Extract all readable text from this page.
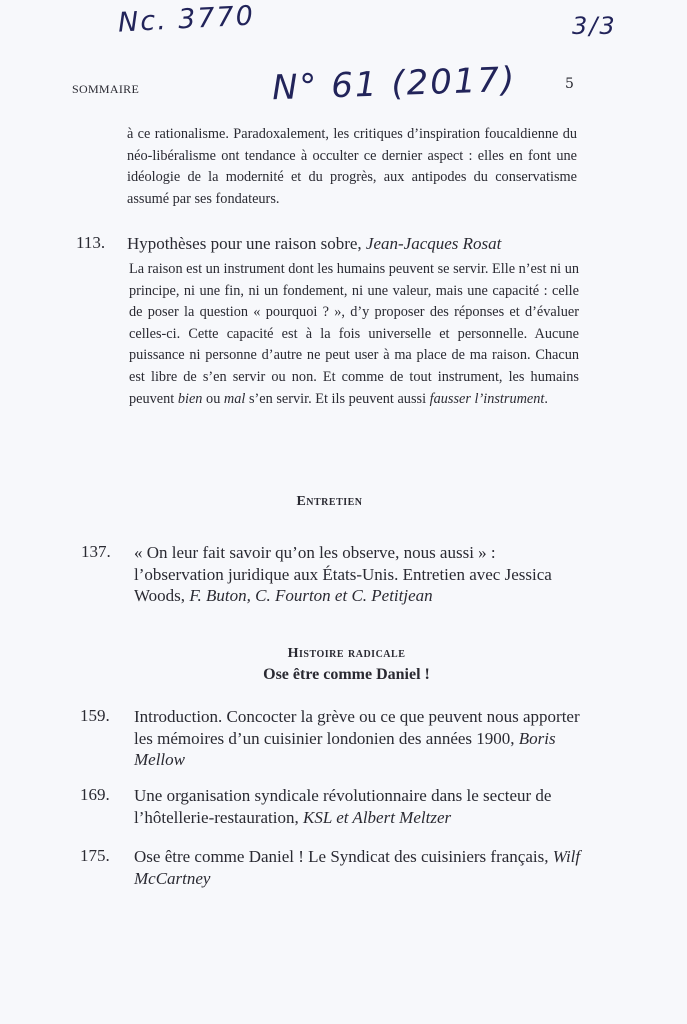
Nc. 3770	3/3
N° 61 (2017)
SOMMAIRE	5
à ce rationalisme. Paradoxalement, les critiques d’inspiration foucaldienne du néo-libéralisme ont tendance à occulter ce dernier aspect : elles en font une idéologie de la modernité et du progrès, aux antipodes du conservatisme assumé par ses fondateurs.
113. Hypothèses pour une raison sobre, Jean-Jacques Rosat
La raison est un instrument dont les humains peuvent se servir. Elle n’est ni un principe, ni une fin, ni un fondement, ni une valeur, mais une capacité : celle de poser la question « pourquoi ? », d’y proposer des réponses et d’évaluer celles-ci. Cette capacité est à la fois universelle et personnelle. Aucune puissance ni personne d’autre ne peut user à ma place de ma raison. Chacun est libre de s’en servir ou non. Et comme de tout instrument, les humains peuvent bien ou mal s’en servir. Et ils peuvent aussi fausser l’instrument.
Entretien
137. « On leur fait savoir qu’on les observe, nous aussi » : l’observation juridique aux États-Unis. Entretien avec Jessica Woods, F. Buton, C. Fourton et C. Petitjean
Histoire radicale
Ose être comme Daniel !
159. Introduction. Concocter la grève ou ce que peuvent nous apporter les mémoires d’un cuisinier londonien des années 1900, Boris Mellow
169. Une organisation syndicale révolutionnaire dans le secteur de l’hôtellerie-restauration, KSL et Albert Meltzer
175. Ose être comme Daniel ! Le Syndicat des cuisiniers français, Wilf McCartney
